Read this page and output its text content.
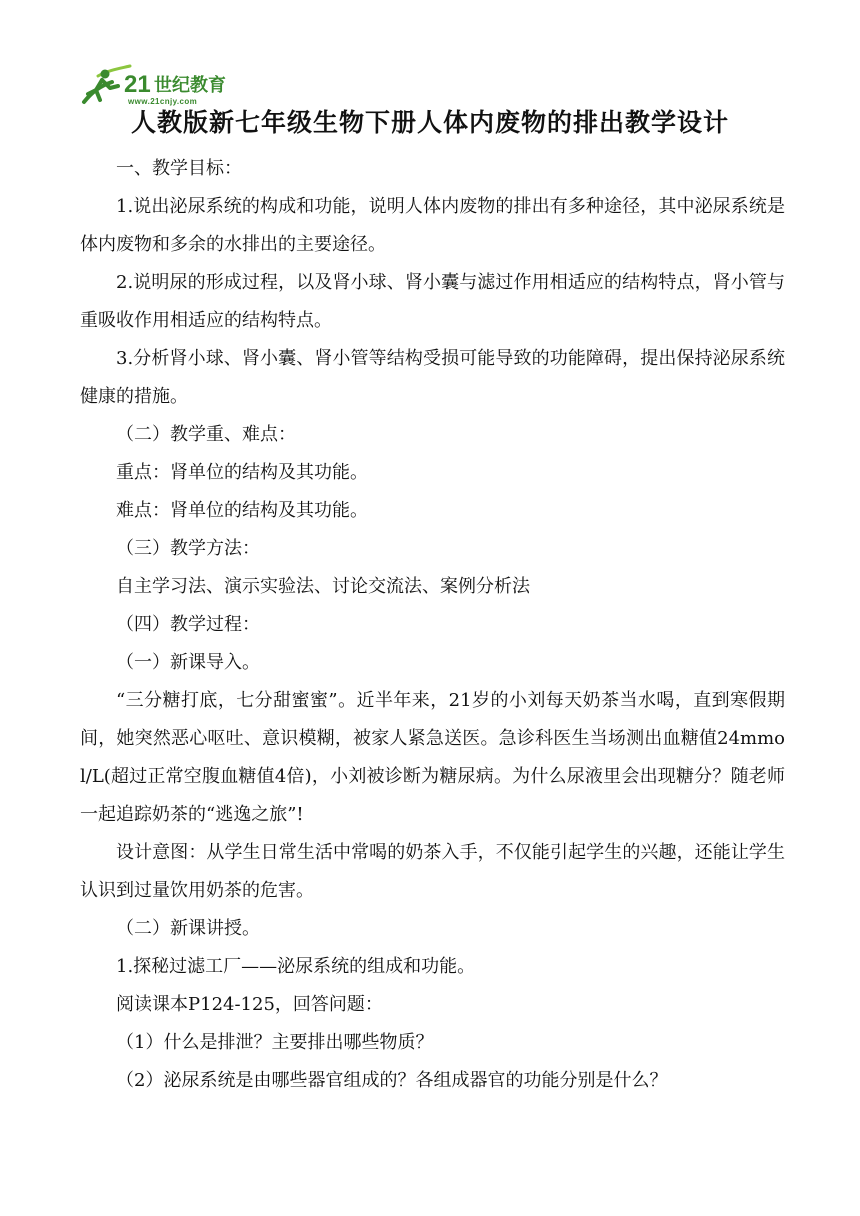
21 世纪教育
www.21cnjy.com
人教版新七年级生物下册人体内废物的排出教学设计

一、教学目标：

1.说出泌尿系统的构成和功能，说明人体内废物的排出有多种途径，其中泌尿系统是体内废物和多余的水排出的主要途径。

2.说明尿的形成过程，以及肾小球、肾小囊与滤过作用相适应的结构特点，肾小管与重吸收作用相适应的结构特点。

3.分析肾小球、肾小囊、肾小管等结构受损可能导致的功能障碍，提出保持泌尿系统健康的措施。

（二）教学重、难点：

重点：肾单位的结构及其功能。

难点：肾单位的结构及其功能。

（三）教学方法：

自主学习法、演示实验法、讨论交流法、案例分析法

（四）教学过程：

（一）新课导入。

“三分糖打底，七分甜蜜蜜”。近半年来，21岁的小刘每天奶茶当水喝，直到寒假期间，她突然恶心呕吐、意识模糊，被家人紧急送医。急诊科医生当场测出血糖值24mmol/L(超过正常空腹血糖值4倍)，小刘被诊断为糖尿病。为什么尿液里会出现糖分？随老师一起追踪奶茶的“逃逸之旅”!

设计意图：从学生日常生活中常喝的奶茶入手，不仅能引起学生的兴趣，还能让学生认识到过量饮用奶茶的危害。

（二）新课讲授。

1.探秘过滤工厂——泌尿系统的组成和功能。

阅读课本P124-125，回答问题：

（1）什么是排泄？主要排出哪些物质？

（2）泌尿系统是由哪些器官组成的？各组成器官的功能分别是什么？
